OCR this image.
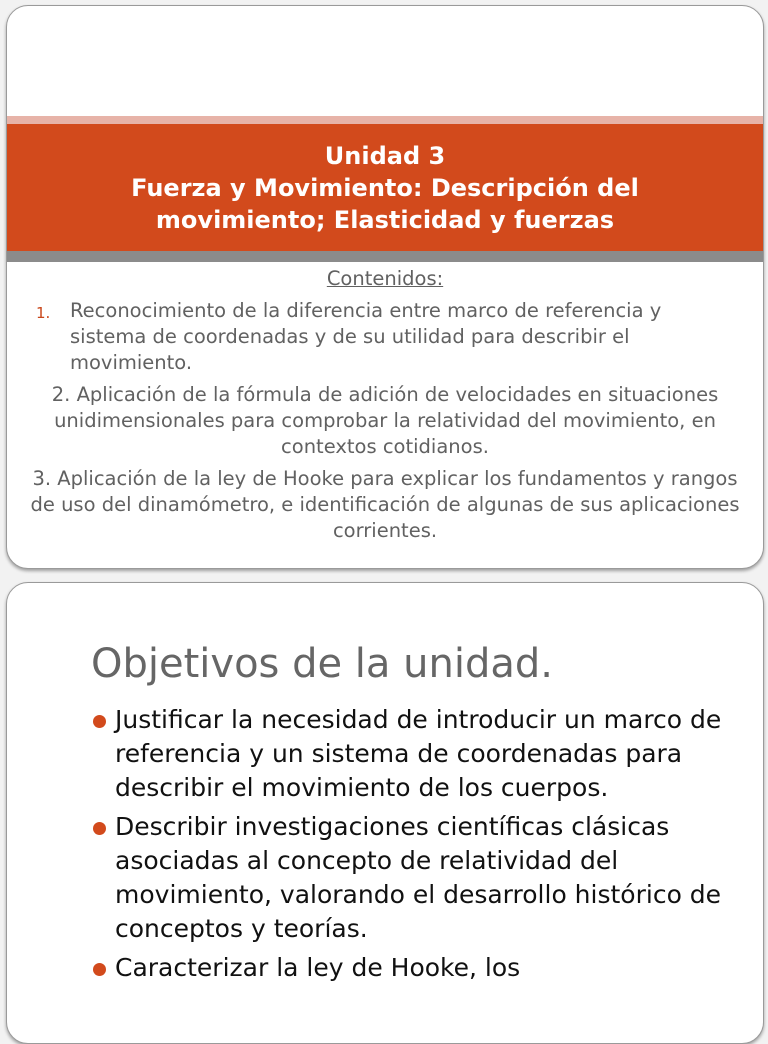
Unidad 3
Fuerza y Movimiento: Descripción del
movimiento; Elasticidad y fuerzas
Contenidos:
1. Reconocimiento de la diferencia entre marco de referencia y sistema de coordenadas y de su utilidad para describir el movimiento.
2. Aplicación de la fórmula de adición de velocidades en situaciones unidimensionales para comprobar la relatividad del movimiento, en contextos cotidianos.
3. Aplicación de la ley de Hooke para explicar los fundamentos y rangos de uso del dinamómetro, e identificación de algunas de sus aplicaciones corrientes.
Objetivos de la unidad.
Justificar la necesidad de introducir un marco de referencia y un sistema de coordenadas para describir el movimiento de los cuerpos.
Describir investigaciones científicas clásicas asociadas al concepto de relatividad del movimiento, valorando el desarrollo histórico de conceptos y teorías.
Caracterizar la ley de Hooke, los
